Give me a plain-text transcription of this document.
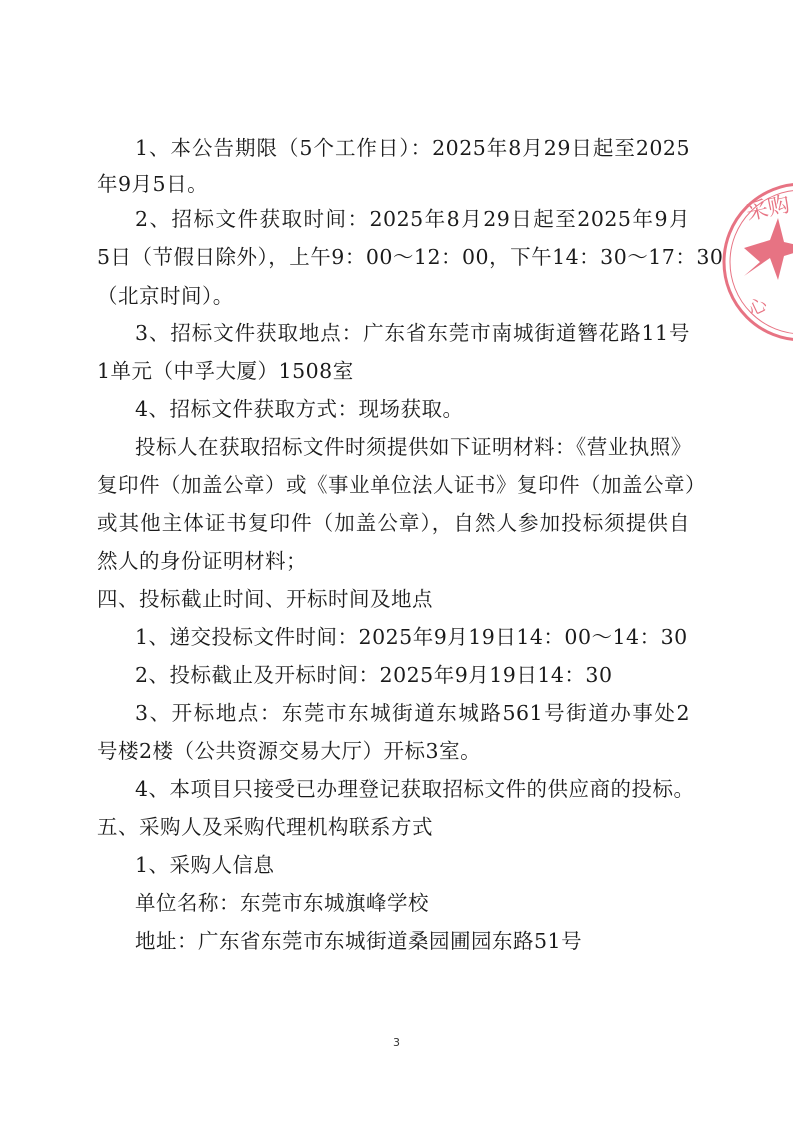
1、本公告期限（5个工作日）：2025年8月29日起至2025
年9月5日。
2、招标文件获取时间：2025年8月29日起至2025年9月
5日（节假日除外），上午9：00～12：00，下午14：30～17：30
（北京时间）。
3、招标文件获取地点：广东省东莞市南城街道簪花路11号
1单元（中孚大厦）1508室
4、招标文件获取方式：现场获取。
投标人在获取招标文件时须提供如下证明材料：《营业执照》
复印件（加盖公章）或《事业单位法人证书》复印件（加盖公章）
或其他主体证书复印件（加盖公章），自然人参加投标须提供自
然人的身份证明材料；
四、投标截止时间、开标时间及地点
1、递交投标文件时间：2025年9月19日14：00～14：30
2、投标截止及开标时间：2025年9月19日14：30
3、开标地点：东莞市东城街道东城路561号街道办事处2
号楼2楼（公共资源交易大厅）开标3室。
4、本项目只接受已办理登记获取招标文件的供应商的投标。
五、采购人及采购代理机构联系方式
1、采购人信息
单位名称：东莞市东城旗峰学校
地址：广东省东莞市东城街道桑园圃园东路51号
3
采购
心
